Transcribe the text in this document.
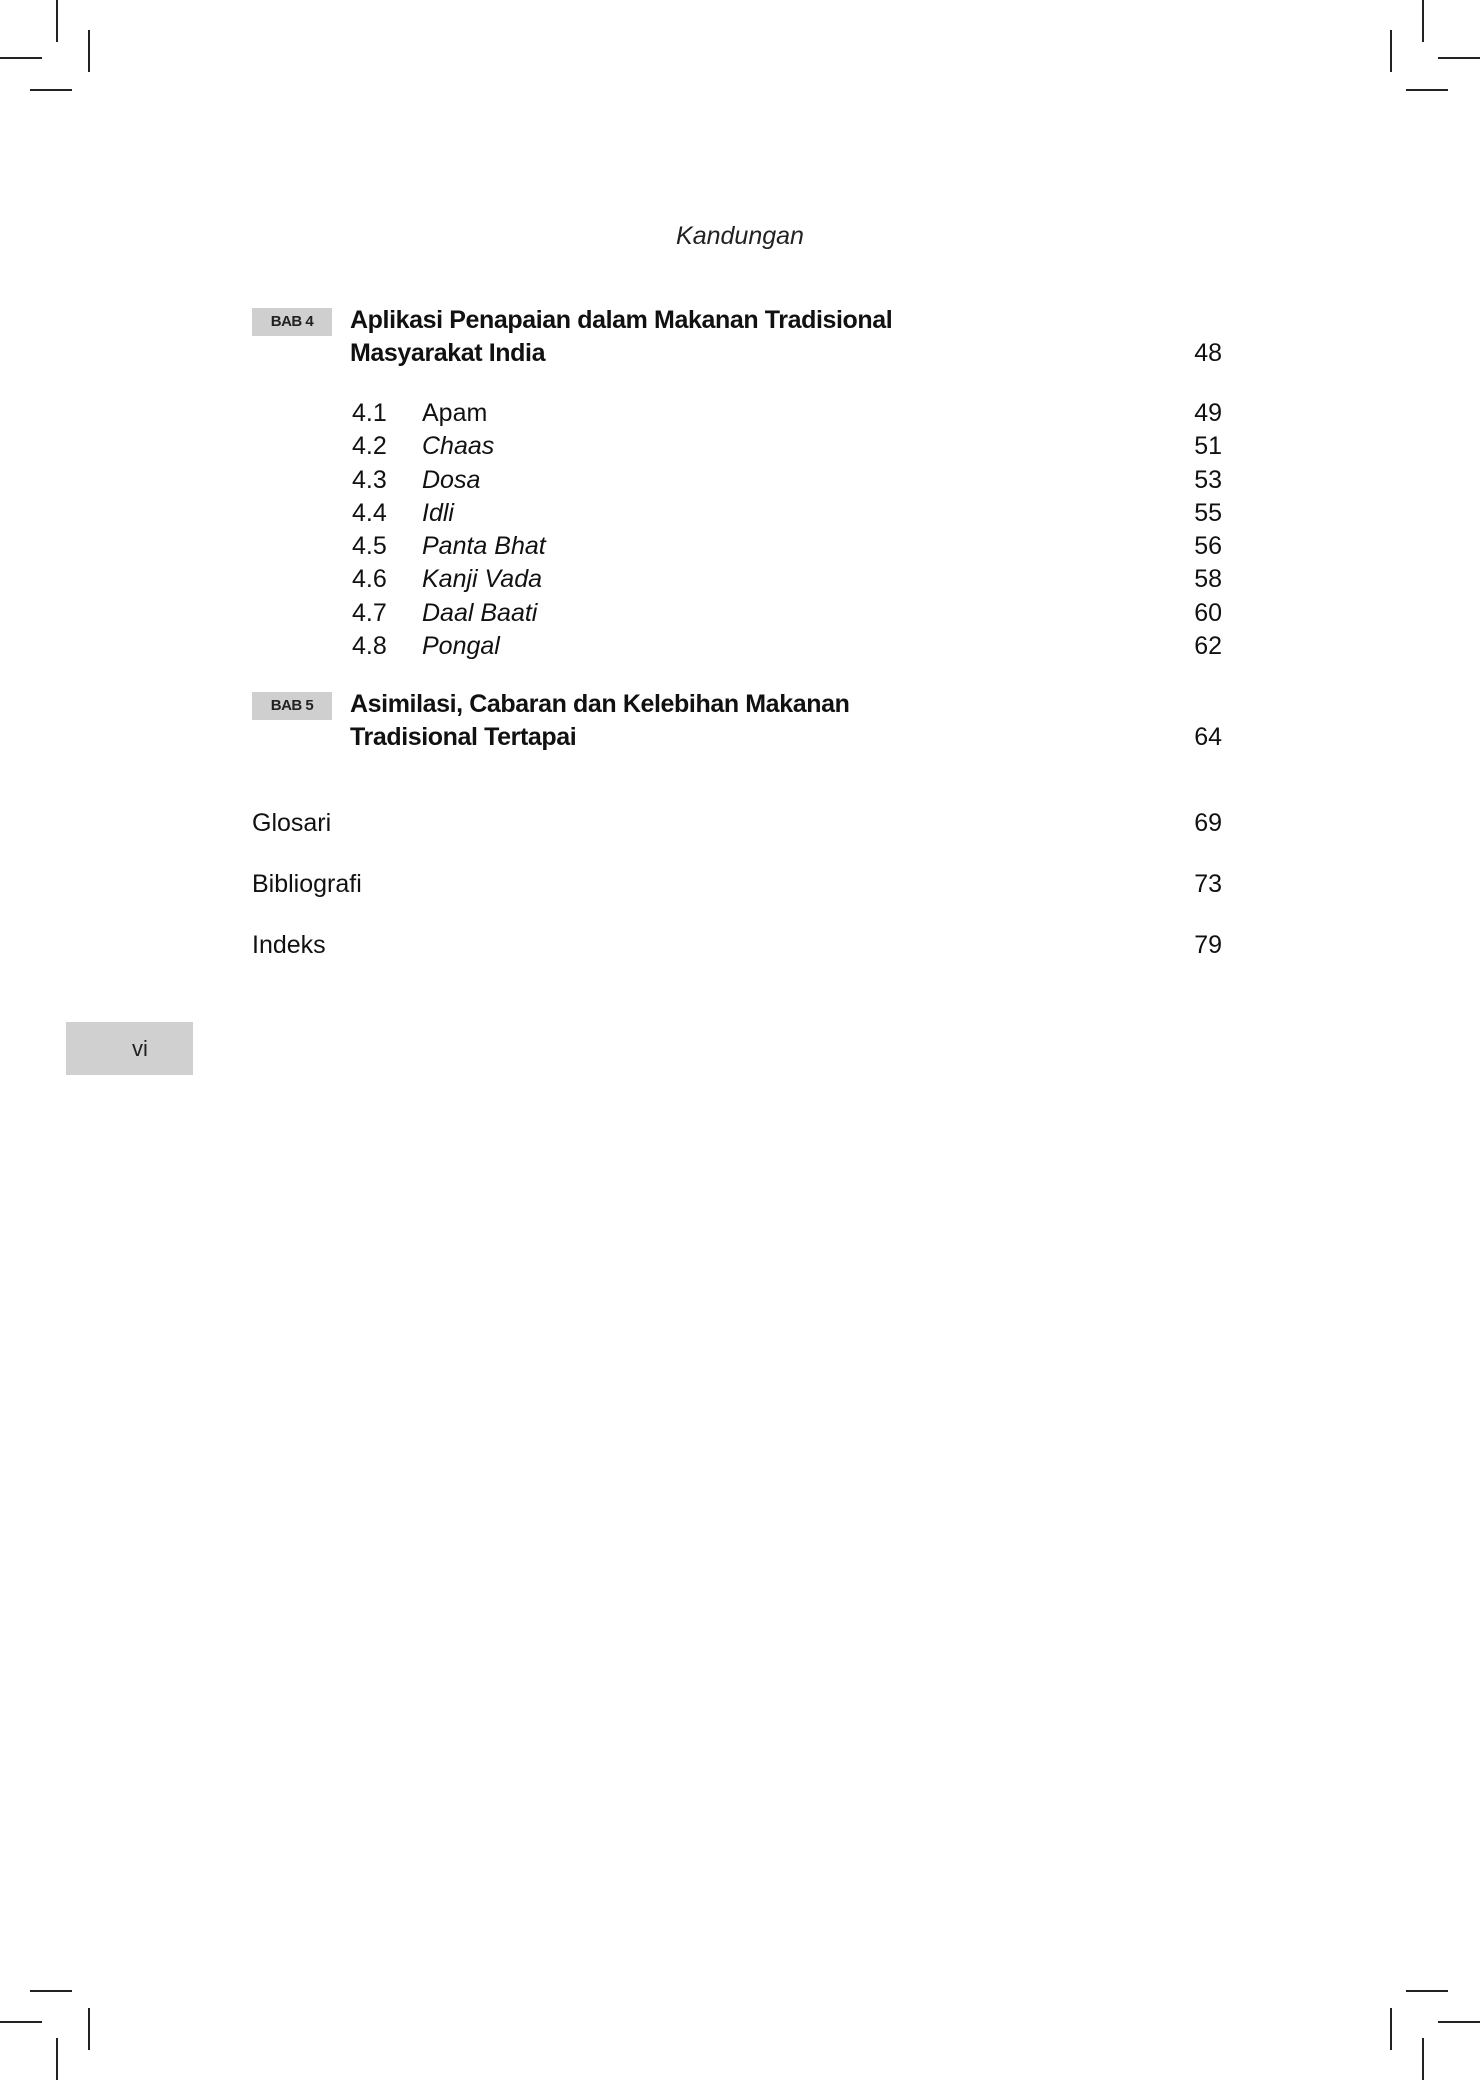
Kandungan
BAB 4	Aplikasi Penapaian dalam Makanan Tradisional
Masyarakat India	48
4.1 Apam	49
4.2 Chaas	51
4.3 Dosa	53
4.4 Idli	55
4.5 Panta Bhat	56
4.6 Kanji Vada	58
4.7 Daal Baati	60
4.8 Pongal	62
BAB 5	Asimilasi, Cabaran dan Kelebihan Makanan
Tradisional Tertapai	64
Glosari	69
Bibliografi	73
Indeks	79
vi
